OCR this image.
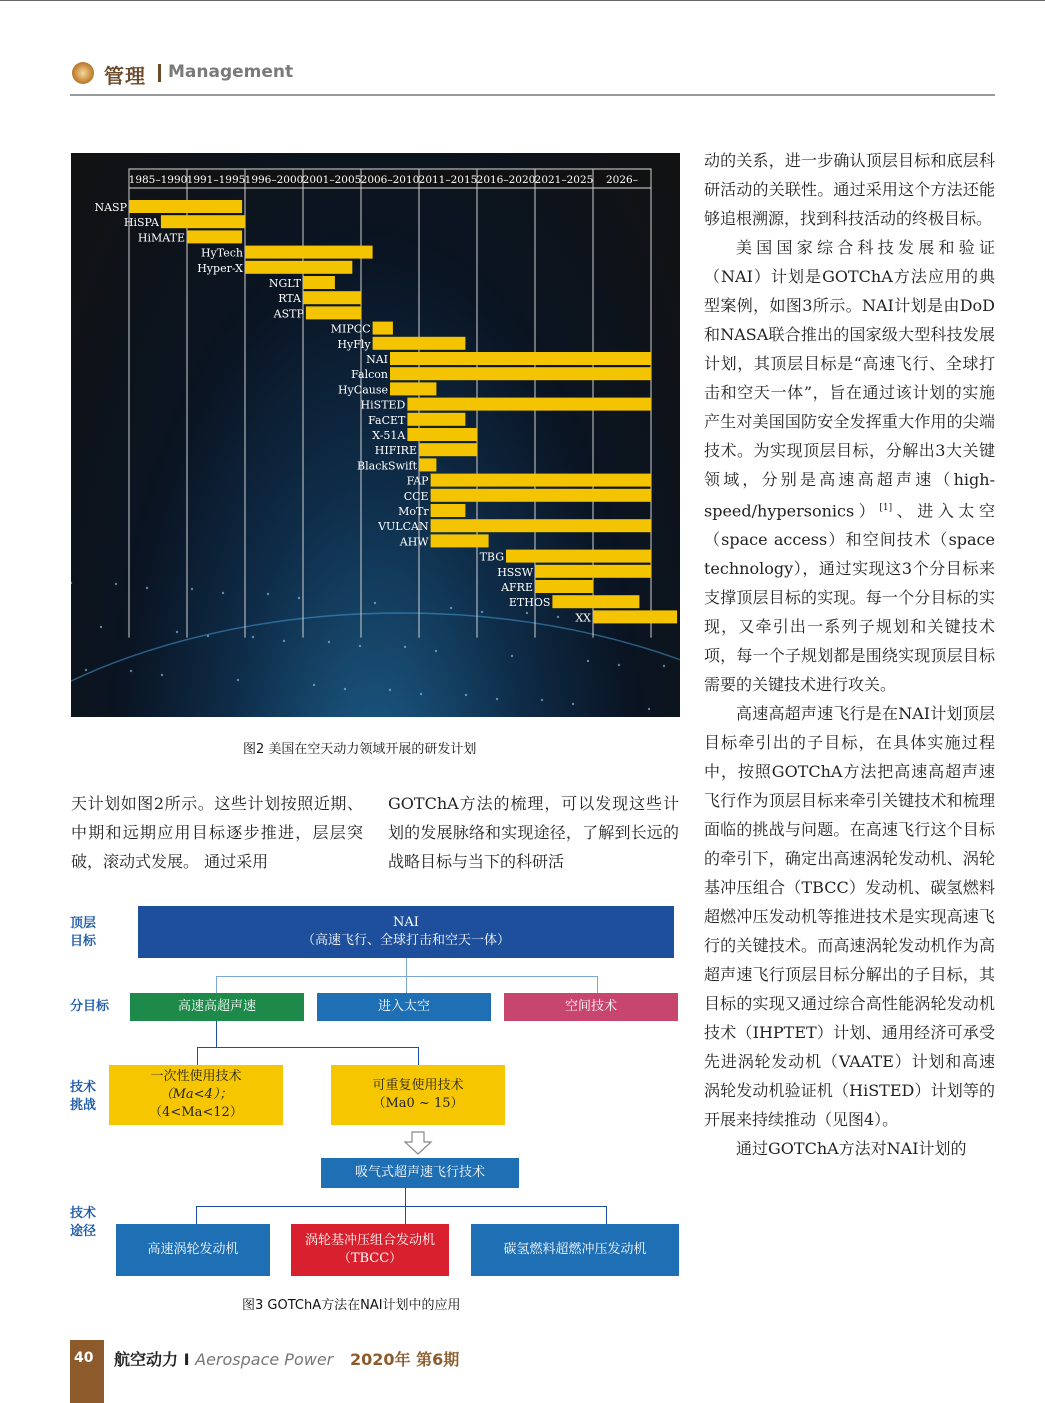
管理 Management
1985–1990 1991–1995 1996–2000 2001–2005 2006–2010 2011–2015 2016–2020 2021–2025 2026–
NASP
HiSPA
HiMATE
HyTech
Hyper-X
NGLT
RTA
ASTP
MIPCC
HyFly
NAI
Falcon
HyCause
HiSTED
FaCET
X-51A
HIFIRE
BlackSwift
FAP
CCE
MoTr
VULCAN
AHW
TBG
HSSW
AFRE
ETHOS
XX
图2 美国在空天动力领域开展的研发计划

天计划如图2所示。这些计划按照近期、中期和远期应用目标逐步推进，层层突破，滚动式发展。 通过采用

GOTChA方法的梳理，可以发现这些计划的发展脉络和实现途径，了解到长远的战略目标与当下的科研活

顶层
目标
分目标
技术
挑战
技术
途径
NAI
（高速飞行、全球打击和空天一体）
高速高超声速	进入太空	空间技术
一次性使用技术
（Ma<4）；
（4<Ma<12）
可重复使用技术
（Ma0 ~ 15）
吸气式超声速飞行技术
高速涡轮发动机
涡轮基冲压组合发动机
（TBCC）
碳氢燃料超燃冲压发动机
图3 GOTChA方法在NAI计划中的应用

动的关系，进一步确认顶层目标和底层科研活动的关联性。通过采用这个方法还能够追根溯源，找到科技活动的终极目标。

美国国家综合科技发展和验证（NAI）计划是GOTChA方法应用的典型案例，如图3所示。NAI计划是由DoD和NASA联合推出的国家级大型科技发展计划，其顶层目标是“高速飞行、全球打击和空天一体”，旨在通过该计划的实施产生对美国国防安全发挥重大作用的尖端技术。为实现顶层目标，分解出3大关键领域，分别是高速高超声速（high-speed/hypersonics）[1]、进入太空（space access）和空间技术（space technology），通过实现这3个分目标来支撑顶层目标的实现。每一个分目标的实现，又牵引出一系列子规划和关键技术项，每一个子规划都是围绕实现顶层目标需要的关键技术进行攻关。

高速高超声速飞行是在NAI计划顶层目标牵引出的子目标，在具体实施过程中，按照GOTChA方法把高速高超声速飞行作为顶层目标来牵引关键技术和梳理面临的挑战与问题。在高速飞行这个目标的牵引下，确定出高速涡轮发动机、涡轮基冲压组合（TBCC）发动机、碳氢燃料超燃冲压发动机等推进技术是实现高速飞行的关键技术。而高速涡轮发动机作为高超声速飞行顶层目标分解出的子目标，其目标的实现又通过综合高性能涡轮发动机技术（IHPTET）计划、通用经济可承受先进涡轮发动机（VAATE）计划和高速涡轮发动机验证机（HiSTED）计划等的开展来持续推动（见图4）。

通过GOTChA方法对NAI计划的

40 航空动力 I Aerospace Power 2020年 第6期
